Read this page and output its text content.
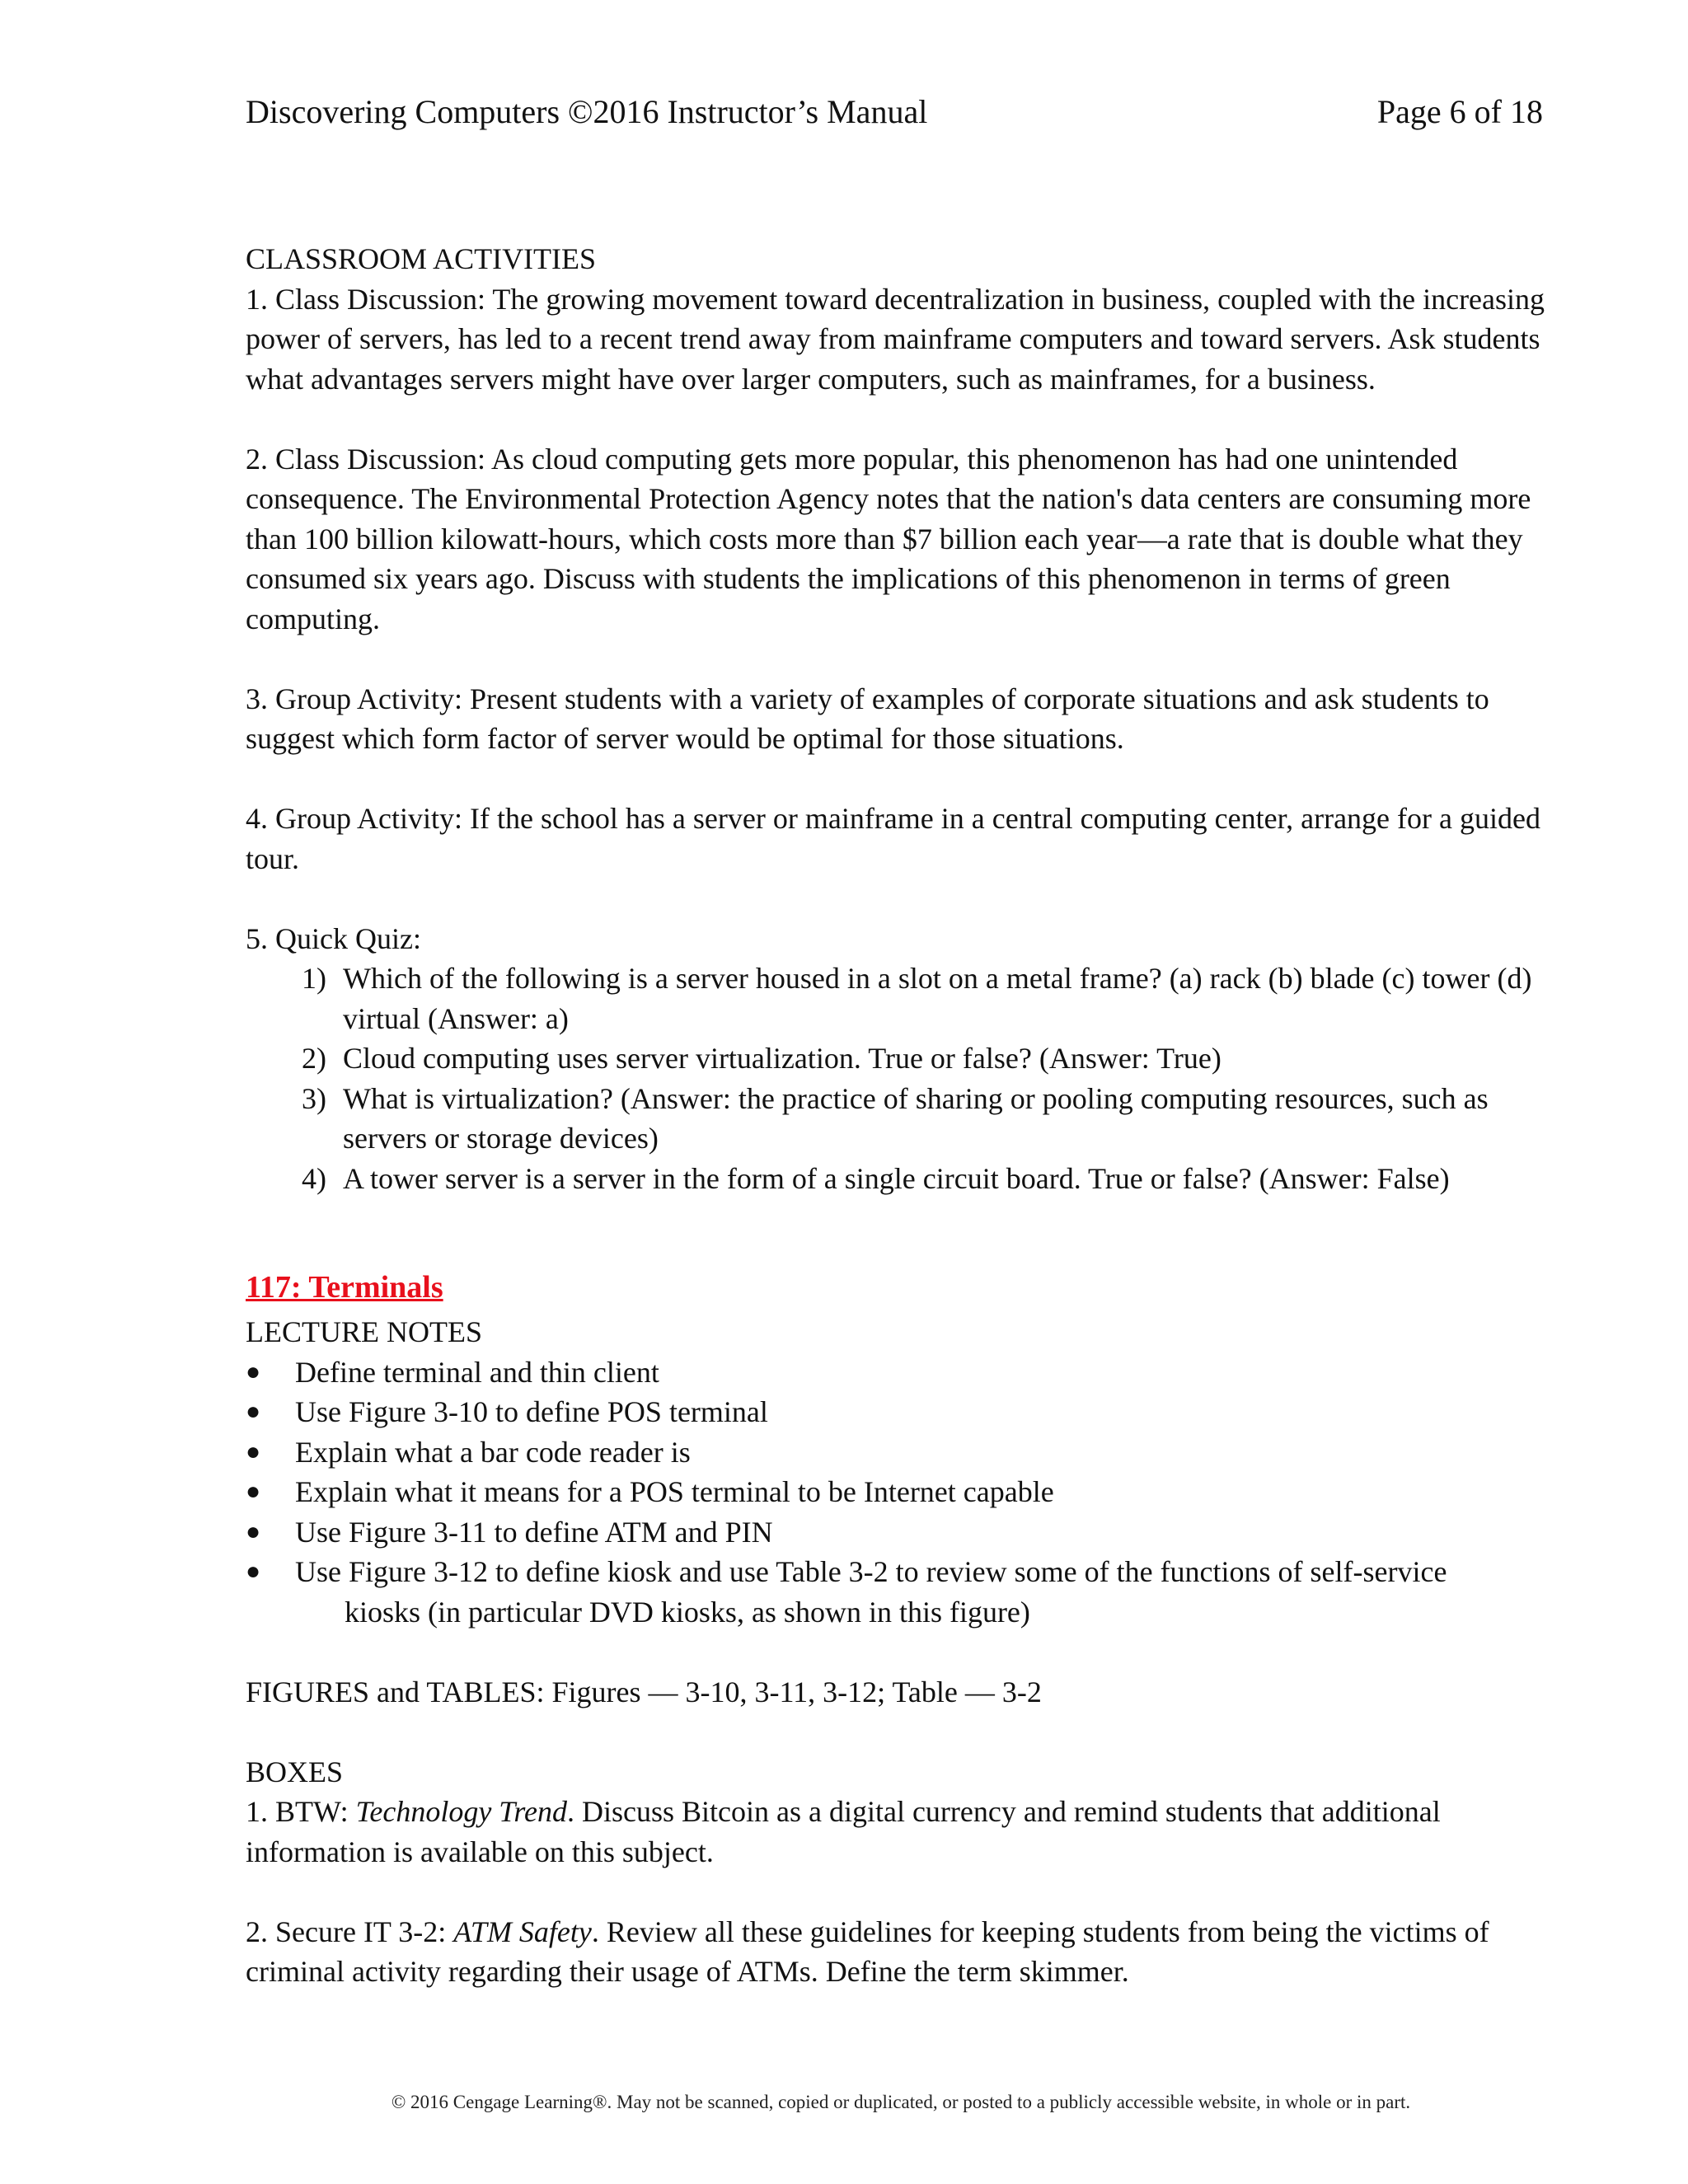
Discovering Computers ©2016 Instructor’s Manual	Page 6 of 18

CLASSROOM ACTIVITIES

1. Class Discussion: The growing movement toward decentralization in business, coupled with the increasing power of servers, has led to a recent trend away from mainframe computers and toward servers. Ask students what advantages servers might have over larger computers, such as mainframes, for a business.

2. Class Discussion: As cloud computing gets more popular, this phenomenon has had one unintended consequence. The Environmental Protection Agency notes that the nation's data centers are consuming more than 100 billion kilowatt-hours, which costs more than $7 billion each year—a rate that is double what they consumed six years ago. Discuss with students the implications of this phenomenon in terms of green computing.

3. Group Activity: Present students with a variety of examples of corporate situations and ask students to suggest which form factor of server would be optimal for those situations.

4. Group Activity: If the school has a server or mainframe in a central computing center, arrange for a guided tour.

5. Quick Quiz:

1) Which of the following is a server housed in a slot on a metal frame? (a) rack (b) blade (c) tower (d) virtual (Answer: a)
2) Cloud computing uses server virtualization. True or false? (Answer: True)
3) What is virtualization? (Answer: the practice of sharing or pooling computing resources, such as servers or storage devices)
4) A tower server is a server in the form of a single circuit board. True or false? (Answer: False)

117: Terminals

LECTURE NOTES

●	Define terminal and thin client
●	Use Figure 3-10 to define POS terminal
●	Explain what a bar code reader is
●	Explain what it means for a POS terminal to be Internet capable
●	Use Figure 3-11 to define ATM and PIN
●	Use Figure 3-12 to define kiosk and use Table 3-2 to review some of the functions of self-service
kiosks (in particular DVD kiosks, as shown in this figure)

FIGURES and TABLES: Figures — 3-10, 3-11, 3-12; Table — 3-2

BOXES

1. BTW: Technology Trend. Discuss Bitcoin as a digital currency and remind students that additional information is available on this subject.

2. Secure IT 3-2: ATM Safety. Review all these guidelines for keeping students from being the victims of criminal activity regarding their usage of ATMs. Define the term skimmer.

© 2016 Cengage Learning®. May not be scanned, copied or duplicated, or posted to a publicly accessible website, in whole or in part.
